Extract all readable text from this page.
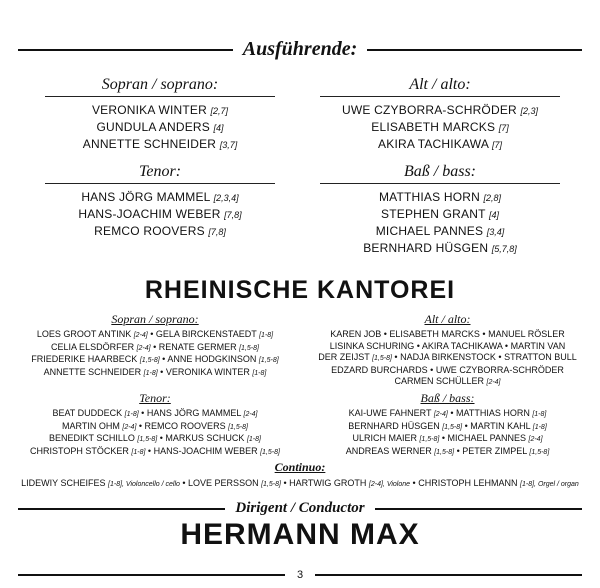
Ausführende:
Sopran / soprano:
VERONIKA WINTER [2,7]
GUNDULA ANDERS [4]
ANNETTE SCHNEIDER [3,7]
Alt / alto:
UWE CZYBORRA-SCHRÖDER [2,3]
ELISABETH MARCKS [7]
AKIRA TACHIKAWA [7]
Tenor:
HANS JÖRG MAMMEL [2,3,4]
HANS-JOACHIM WEBER [7,8]
REMCO ROOVERS [7,8]
Baß / bass:
MATTHIAS HORN [2,8]
STEPHEN GRANT [4]
MICHAEL PANNES [3,4]
BERNHARD HÜSGEN [5,7,8]
RHEINISCHE KANTOREI
Sopran / soprano:
LOES GROOT ANTINK [2-4] • GELA BIRCKENSTAEDT [1-8]
CELIA ELSDÖRFER [2-4] • RENATE GERMER [1,5-8]
FRIEDERIKE HAARBECK [1,5-8] • ANNE HODGKINSON [1,5-8]
ANNETTE SCHNEIDER [1-8] • VERONIKA WINTER [1-8]
Alt / alto:
KAREN JOB • ELISABETH MARCKS • MANUEL RÖSLER
LISINKA SCHURING • AKIRA TACHIKAWA • MARTIN VAN
DER ZEIJST [1,5-8] • NADJA BIRKENSTOCK • STRATTON BULL
EDZARD BURCHARDS • UWE CZYBORRA-SCHRÖDER
CARMEN SCHÜLLER [2-4]
Tenor:
BEAT DUDDECK [1-8] • HANS JÖRG MAMMEL [2-4]
MARTIN OHM [2-4] • REMCO ROOVERS [1,5-8]
BENEDIKT SCHILLO [1,5-8] • MARKUS SCHUCK [1-8]
CHRISTOPH STÖCKER [1-8] • HANS-JOACHIM WEBER [1,5-8]
Baß / bass:
KAI-UWE FAHNERT [2-4] • MATTHIAS HORN [1-8]
BERNHARD HÜSGEN [1,5-8] • MARTIN KAHL [1-8]
ULRICH MAIER [1,5-8] • MICHAEL PANNES [2-4]
ANDREAS WERNER [1,5-8] • PETER ZIMPEL [1,5-8]
Continuo:
LIDEWIY SCHEIFES [1-8], Violoncello / cello • LOVE PERSSON [1,5-8] • HARTWIG GROTH [2-4], Violone • CHRISTOPH LEHMANN [1-8], Orgel / organ
Dirigent / Conductor
HERMANN MAX
3
